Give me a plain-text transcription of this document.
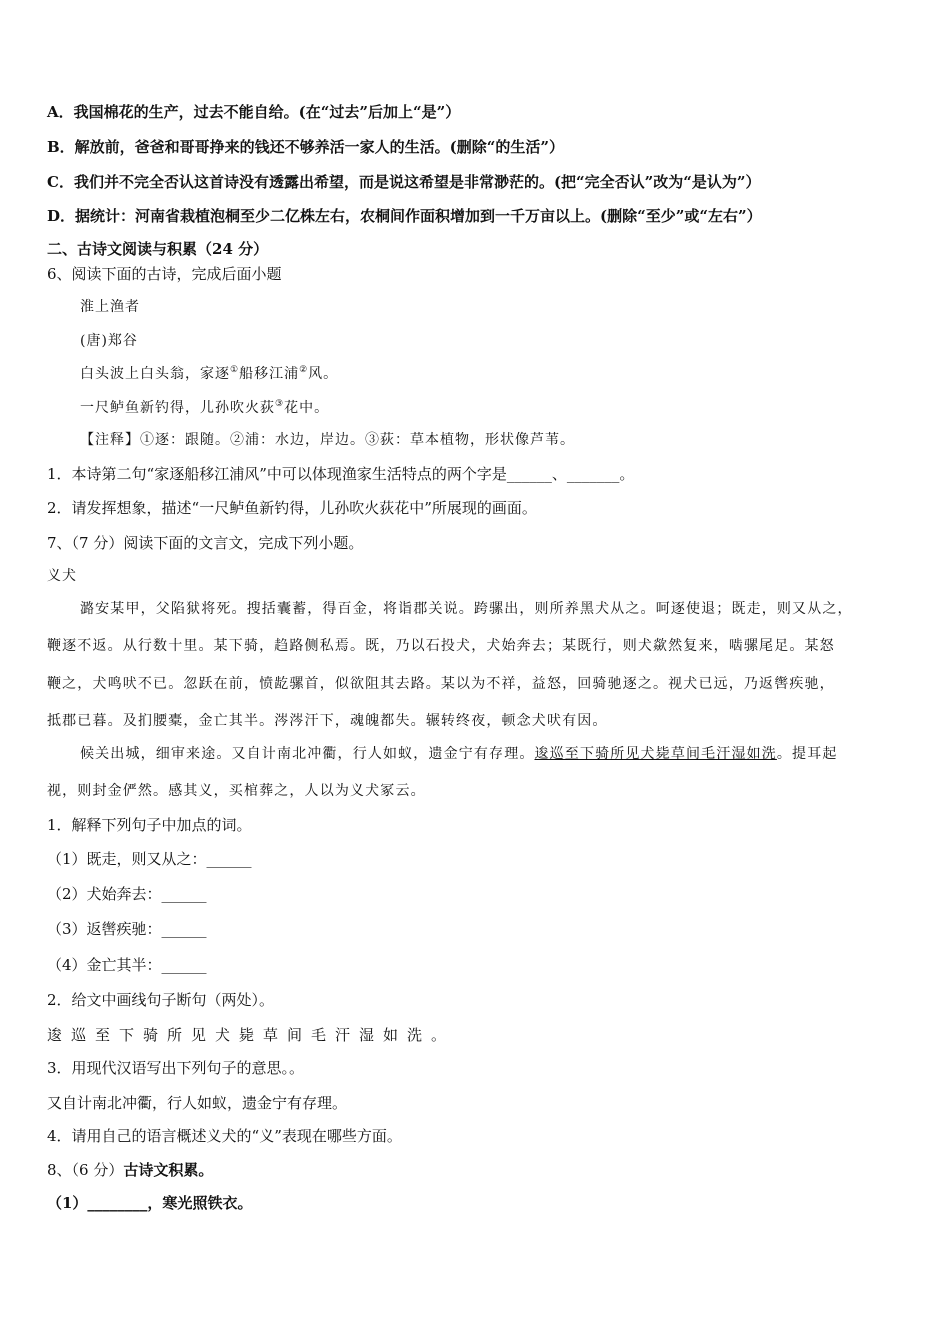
A．我国棉花的生产，过去不能自给。(在“过去”后加上“是”）
B．解放前，爸爸和哥哥挣来的钱还不够养活一家人的生活。(删除“的生活”）
C．我们并不完全否认这首诗没有透露出希望，而是说这希望是非常渺茫的。(把“完全否认”改为“是认为”）
D．据统计：河南省栽植泡桐至少二亿株左右，农桐间作面积增加到一千万亩以上。(删除“至少”或“左右”）
二、古诗文阅读与积累（24 分）
6、阅读下面的古诗，完成后面小题
淮上渔者
(唐)郑谷
白头波上白头翁，家逐①船移江浦②风。
一尺鲈鱼新钓得，儿孙吹火荻③花中。
【注释】①逐：跟随。②浦：水边，岸边。③荻：草本植物，形状像芦苇。
1．本诗第二句“家逐船移江浦风”中可以体现渔家生活特点的两个字是______、_______。
2．请发挥想象，描述“一尺鲈鱼新钓得，儿孙吹火荻花中”所展现的画面。
7、（7 分）阅读下面的文言文，完成下列小题。
义犬
潞安某甲，父陷狱将死。搜括囊蓄，得百金，将诣郡关说。跨骡出，则所养黑犬从之。呵逐使退；既走，则又从之，
鞭逐不返。从行数十里。某下骑，趋路侧私焉。既，乃以石投犬，犬始奔去；某既行，则犬歘然复来，啮骡尾足。某怒
鞭之，犬鸣吠不已。忽跃在前，愤龁骡首，似欲阻其去路。某以为不祥，益怒，回骑驰逐之。视犬已远，乃返辔疾驰，
抵郡已暮。及扪腰橐，金亡其半。涔涔汗下，魂魄都失。辗转终夜，顿念犬吠有因。
候关出城，细审来途。又自计南北冲衢，行人如蚁，遗金宁有存理。逡巡至下骑所见犬毙草间毛汗湿如洗。提耳起
视，则封金俨然。感其义，买棺葬之，人以为义犬冢云。
1．解释下列句子中加点的词。
（1）既走，则又从之：______
（2）犬始奔去：______
（3）返辔疾驰：______
（4）金亡其半：______
2．给文中画线句子断句（两处）。
逡巡至下骑所见犬毙草间毛汗湿如洗。
3．用现代汉语写出下列句子的意思。。
又自计南北冲衢，行人如蚁，遗金宁有存理。
4．请用自己的语言概述义犬的“义”表现在哪些方面。
8、（6 分）古诗文积累。
（1）________，寒光照铁衣。
